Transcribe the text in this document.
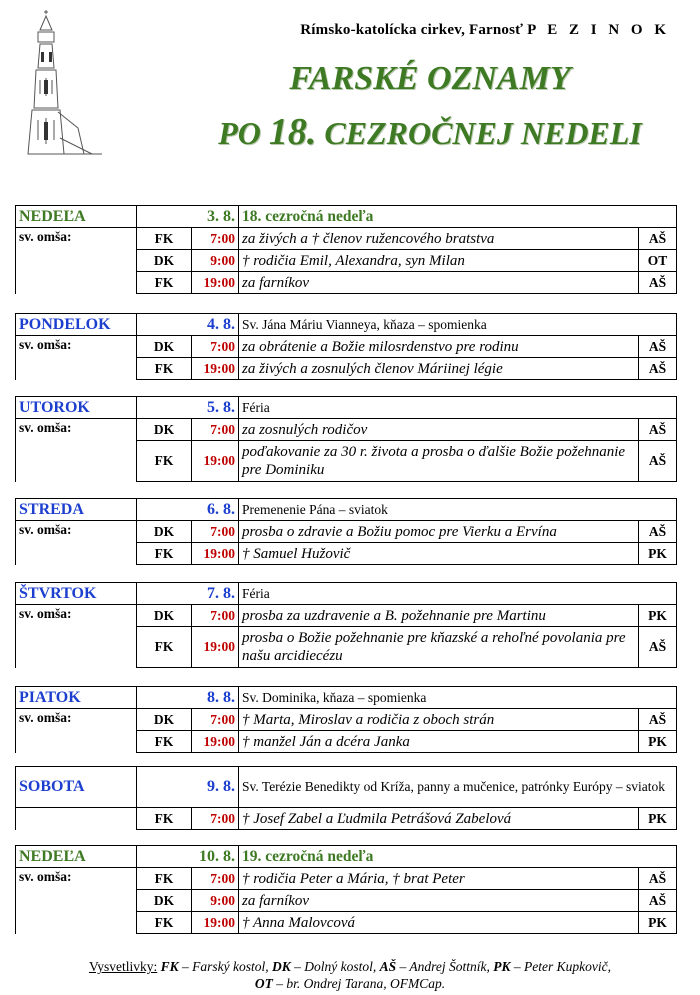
Rímsko-katolícka cirkev, Farnosť P E Z I N O K
FARSKÉ OZNAMY
PO 18. CEZROČNEJ NEDELI
NEDEĽA	3. 8.		18. cezročná nedeľa	
sv. omša:	FK	7:00	za živých a † členov ružencového bratstva	AŠ
	DK	9:00	† rodičia Emil, Alexandra, syn Milan	OT
	FK	19:00	za farníkov	AŠ
PONDELOK	4. 8.		Sv. Jána Máriu Vianneya, kňaza – spomienka	
sv. omša:	DK	7:00	za obrátenie a Božie milosrdenstvo pre rodinu	AŠ
	FK	19:00	za živých a zosnulých členov Máriinej légie	AŠ
UTOROK	5. 8.		Féria	
sv. omša:	DK	7:00	za zosnulých rodičov	AŠ
	FK	19:00	poďakovanie za 30 r. života a prosba o ďalšie Božie požehnanie pre Dominiku	AŠ
STREDA	6. 8.		Premenenie Pána – sviatok	
sv. omša:	DK	7:00	prosba o zdravie a Božiu pomoc pre Vierku a Ervína	AŠ
	FK	19:00	† Samuel Hužovič	PK
ŠTVRTOK	7. 8.		Féria	
sv. omša:	DK	7:00	prosba za uzdravenie a B. požehnanie pre Martinu	PK
	FK	19:00	prosba o Božie požehnanie pre kňazské a rehoľné povolania pre našu arcidiecézu	AŠ
PIATOK	8. 8.		Sv. Dominika, kňaza – spomienka	
sv. omša:	DK	7:00	† Marta, Miroslav a rodičia z oboch strán	AŠ
	FK	19:00	† manžel Ján a dcéra Janka	PK
SOBOTA	9. 8.		Sv. Terézie Benedikty od Kríža, panny a mučenice, patrónky Európy – sviatok	
	FK	7:00	† Josef Zabel a Ľudmila Petrášová Zabelová	PK
NEDEĽA	10. 8.		19. cezročná nedeľa	
sv. omša:	FK	7:00	† rodičia Peter a Mária, † brat Peter	AŠ
	DK	9:00	za farníkov	AŠ
	FK	19:00	† Anna Malovcová	PK
Vysvetlivky: FK – Farský kostol, DK – Dolný kostol, AŠ – Andrej Šottník, PK – Peter Kupkovič,
OT – br. Ondrej Tarana, OFMCap.
